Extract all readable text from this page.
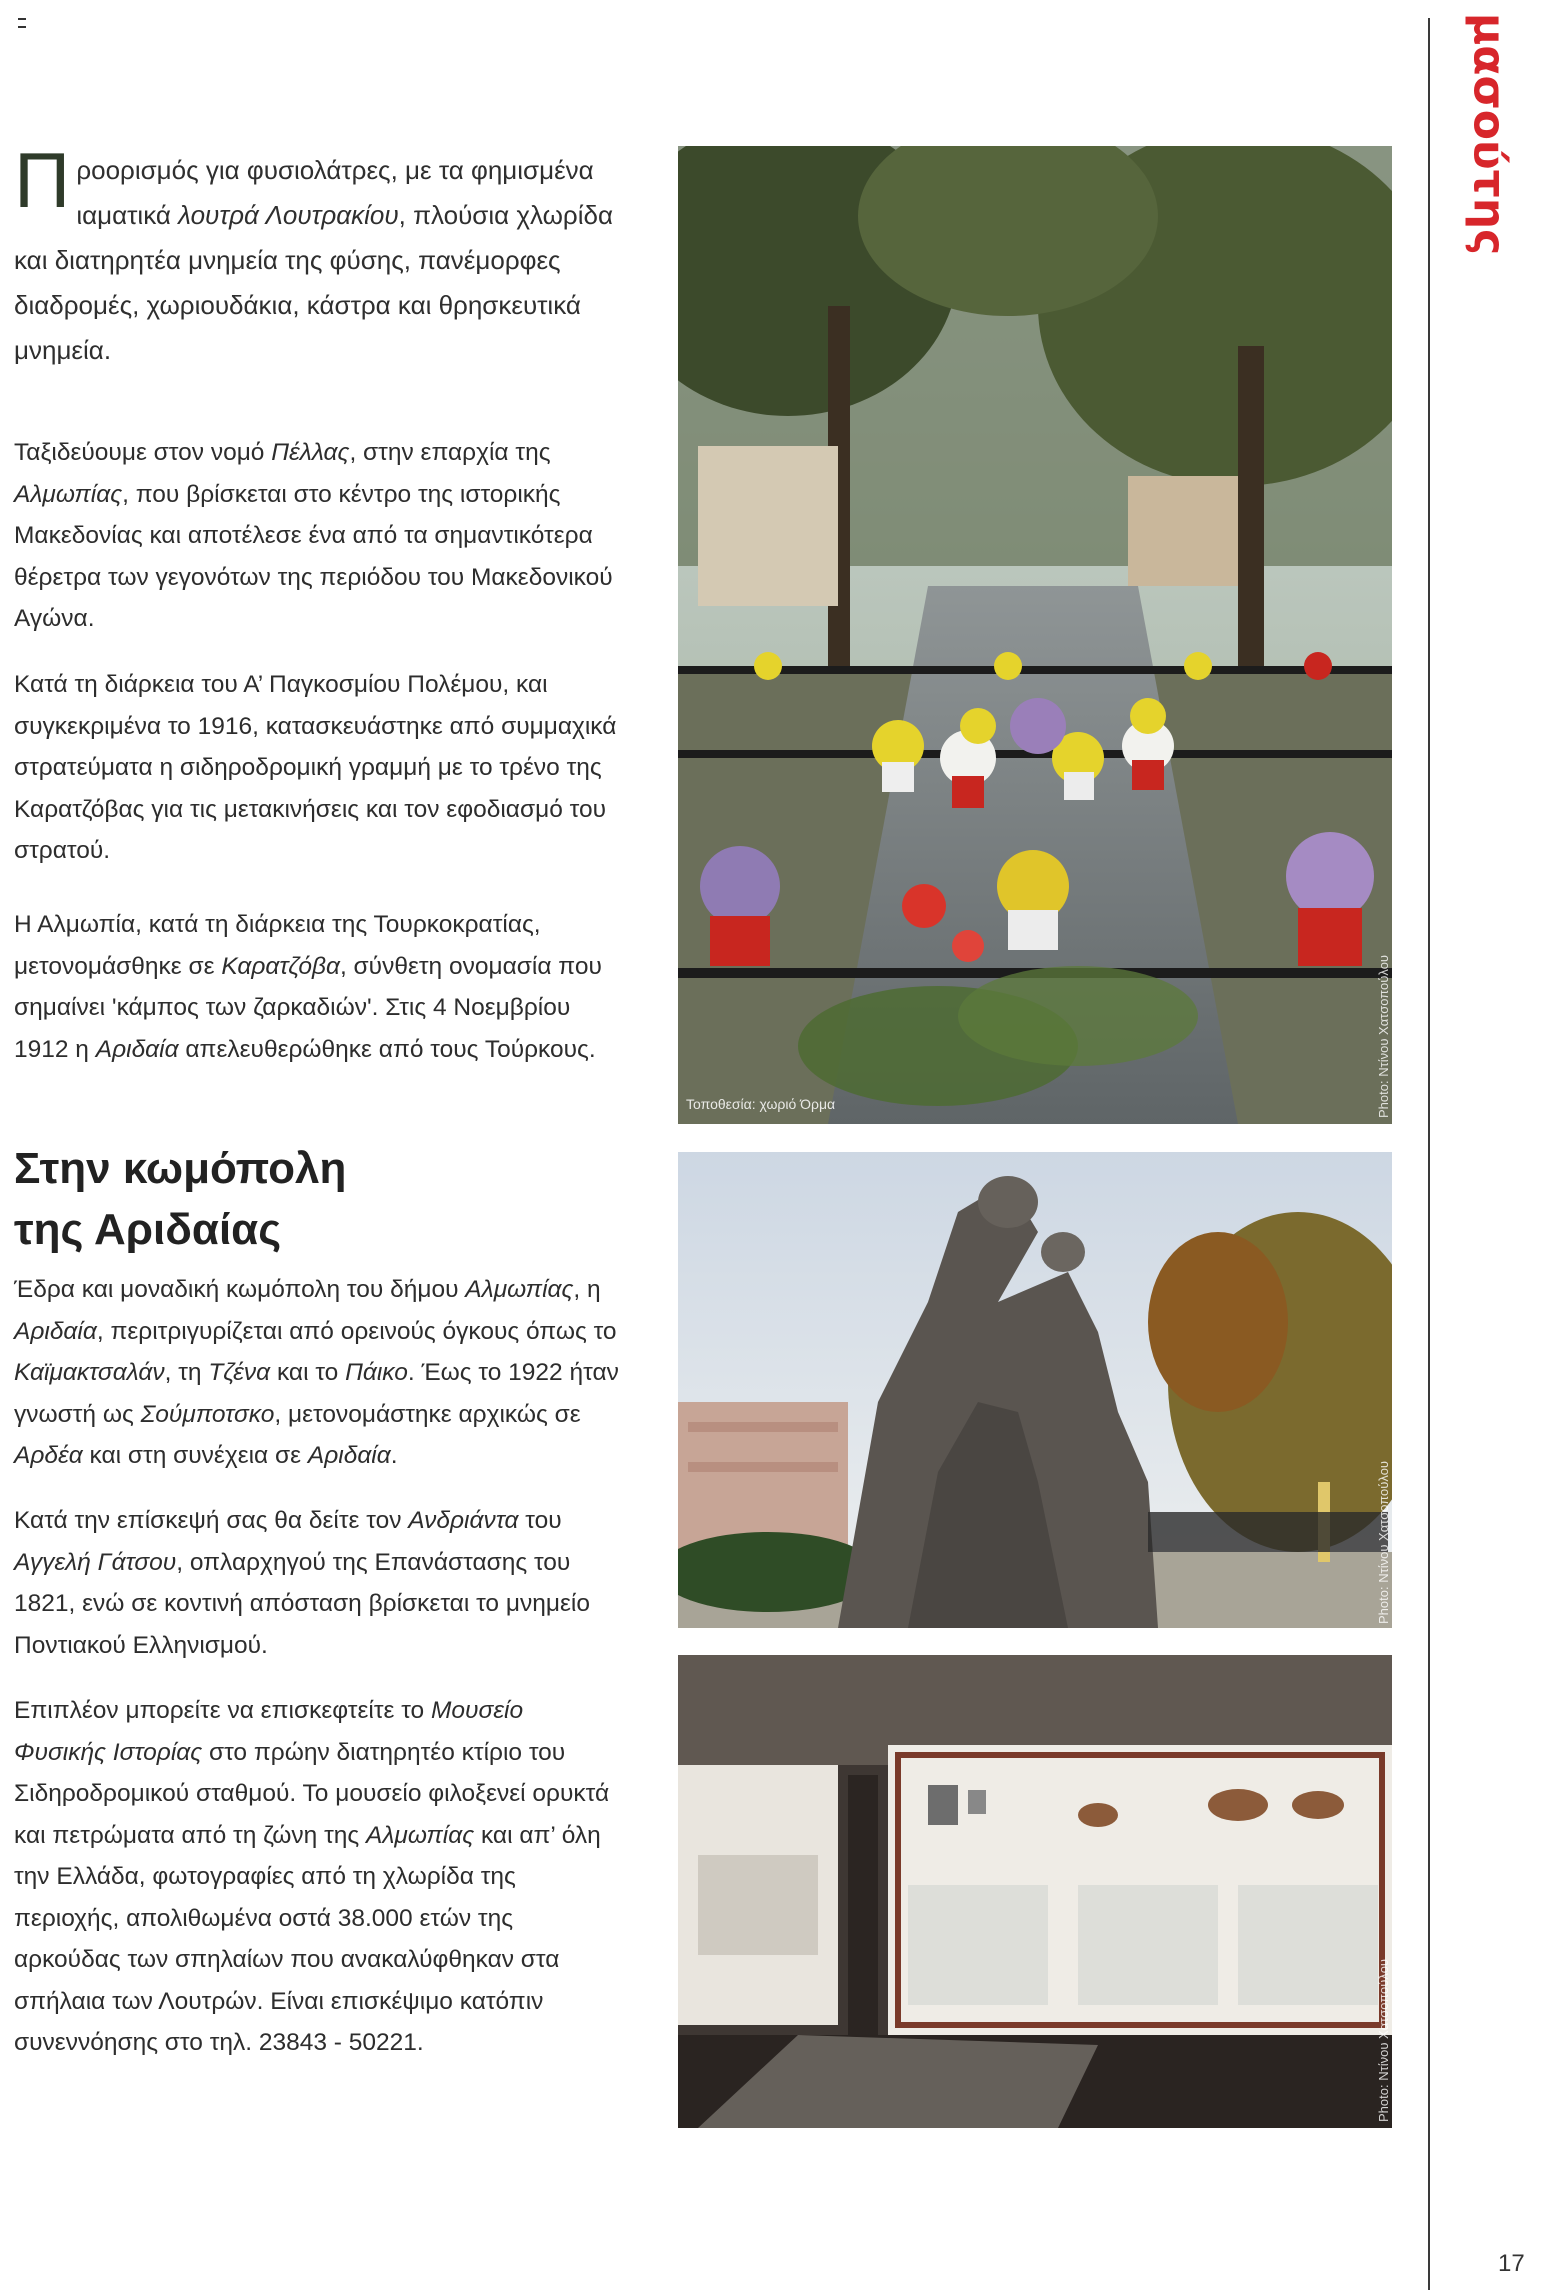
μασούτης
17
Π ροορισμός για φυσιολάτρες, με τα φημισμένα ιαματικά λουτρά Λουτρακίου, πλούσια χλωρίδα και διατηρητέα μνημεία της φύσης, πανέμορφες διαδρομές, χωριουδάκια, κάστρα και θρησκευτικά μνημεία.
Ταξιδεύουμε στον νομό Πέλλας, στην επαρχία της Αλμωπίας, που βρίσκεται στο κέντρο της ιστορικής Μακεδονίας και αποτέλεσε ένα από τα σημαντικότερα θέρετρα των γεγονότων της περιόδου του Μακεδονικού Αγώνα.
Κατά τη διάρκεια του Α’ Παγκοσμίου Πολέμου, και συγκεκριμένα το 1916, κατασκευάστηκε από συμμαχικά στρατεύματα η σιδηροδρομική γραμμή με το τρένο της Καρατζόβας για τις μετακινήσεις και τον εφοδιασμό του στρατού.
Η Αλμωπία, κατά τη διάρκεια της Τουρκοκρατίας, μετονομάσθηκε σε Καρατζόβα, σύνθετη ονομασία που σημαίνει 'κάμπος των ζαρκαδιών'. Στις 4 Νοεμβρίου 1912 η Αριδαία απελευθερώθηκε από τους Τούρκους.
Στην κωμόπολη
της Αριδαίας
Έδρα και μοναδική κωμόπολη του δήμου Αλμωπίας, η Αριδαία, περιτριγυρίζεται από ορεινούς όγκους όπως το Καϊμακτσαλάν, τη Τζένα και το Πάικο. Έως το 1922 ήταν γνωστή ως Σούμποτσκο, μετονομάστηκε αρχικώς σε Αρδέα και στη συνέχεια σε Αριδαία.
Κατά την επίσκεψή σας θα δείτε τον Ανδριάντα του Αγγελή Γάτσου, οπλαρχηγού της Επανάστασης του 1821, ενώ σε κοντινή απόσταση βρίσκεται το μνημείο Ποντιακού Ελληνισμού.
Επιπλέον μπορείτε να επισκεφτείτε το Μουσείο Φυσικής Ιστορίας στο πρώην διατηρητέο κτίριο του Σιδηροδρομικού σταθμού. Το μουσείο φιλοξενεί ορυκτά και πετρώματα από τη ζώνη της Αλμωπίας και απ’ όλη την Ελλάδα, φωτογραφίες από τη χλωρίδα της περιοχής, απολιθωμένα οστά 38.000 ετών της αρκούδας των σπηλαίων που ανακαλύφθηκαν στα σπήλαια των Λουτρών. Είναι επισκέψιμο κατόπιν συνεννόησης στο τηλ. 23843 - 50221.
Τοποθεσία: χωριό Όρμα	Photo: Ντίνου Χατσοπούλου
Photo: Ντίνου Χατσοπούλου
Photo: Ντίνου Χατσοπούλου
